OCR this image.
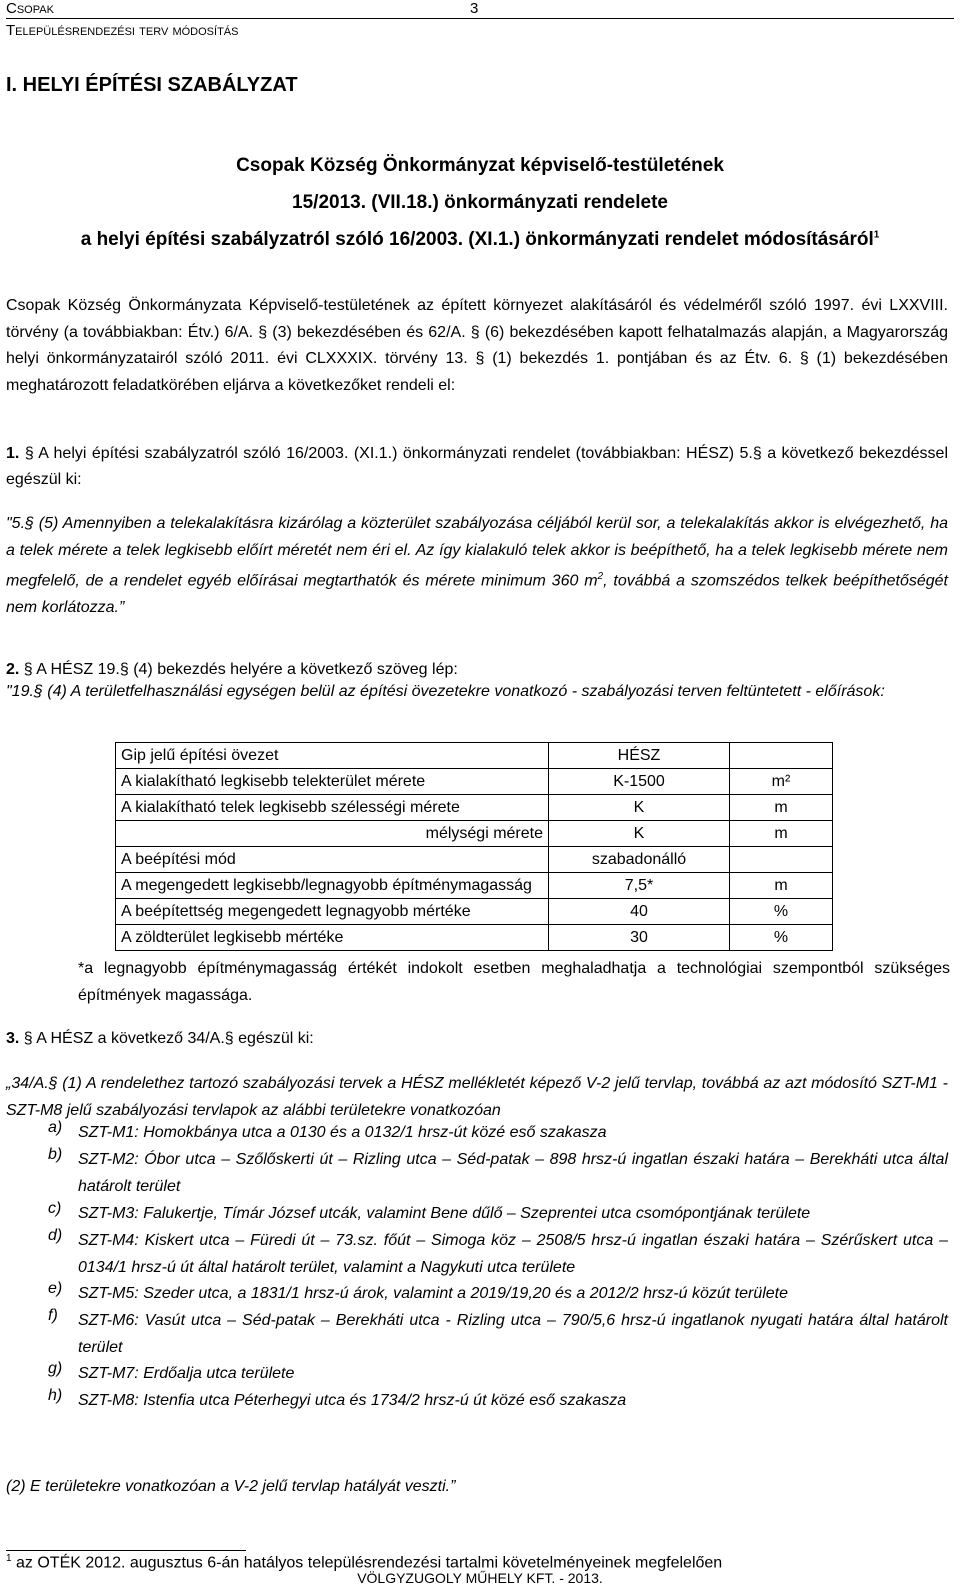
Csopak	3
Településrendezési terv módosítás
I. HELYI ÉPÍTÉSI SZABÁLYZAT
Csopak Község Önkormányzat képviselő-testületének
15/2013. (VII.18.) önkormányzati rendelete
a helyi építési szabályzatról szóló 16/2003. (XI.1.) önkormányzati rendelet módosításáról$^1$
Csopak Község Önkormányzata Képviselő-testületének az épített környezet alakításáról és védelméről szóló 1997. évi LXXVIII. törvény (a továbbiakban: Étv.) 6/A. § (3) bekezdésében és 62/A. § (6) bekezdésében kapott felhatalmazás alapján, a Magyarország helyi önkormányzatairól szóló 2011. évi CLXXXIX. törvény 13. § (1) bekezdés 1. pontjában és az Étv. 6. § (1) bekezdésében meghatározott feladatkörében eljárva a következőket rendeli el:
1. § A helyi építési szabályzatról szóló 16/2003. (XI.1.) önkormányzati rendelet (továbbiakban: HÉSZ) 5.§ a következő bekezdéssel egészül ki:
"5.§ (5) Amennyiben a telekalakításra kizárólag a közterület szabályozása céljából kerül sor, a telekalakítás akkor is elvégezhető, ha a telek mérete a telek legkisebb előírt méretét nem éri el. Az így kialakuló telek akkor is beépíthető, ha a telek legkisebb mérete nem megfelelő, de a rendelet egyéb előírásai megtarthatók és mérete minimum 360 $m^2$, továbbá a szomszédos telkek beépíthetőségét nem korlátozza.”
2. § A HÉSZ 19.§ (4) bekezdés helyére a következő szöveg lép:
"19.§ (4) A területfelhasználási egységen belül az építési övezetekre vonatkozó - szabályozási terven feltüntetett - előírások:
Gip jelű építési övezet	HÉSZ	
A kialakítható legkisebb telekterület mérete	K-1500	m²
A kialakítható telek legkisebb szélességi mérete	K	m
mélységi mérete	K	m
A beépítési mód	szabadonálló	
A megengedett legkisebb/legnagyobb építménymagasság	7,5*	m
A beépítettség megengedett legnagyobb mértéke	40	%
A zöldterület legkisebb mértéke	30	%
*a legnagyobb építménymagasság értékét indokolt esetben meghaladhatja a technológiai szempontból szükséges építmények magassága.
3. § A HÉSZ a következő 34/A.§ egészül ki:
„34/A.§ (1) A rendelethez tartozó szabályozási tervek a HÉSZ mellékletét képező V-2 jelű tervlap, továbbá az azt módosító SZT-M1 - SZT-M8 jelű szabályozási tervlapok az alábbi területekre vonatkozóan
a) SZT-M1: Homokbánya utca a 0130 és a 0132/1 hrsz-út közé eső szakasza
b) SZT-M2: Óbor utca – Szőlőskerti út – Rizling utca – Séd-patak – 898 hrsz-ú ingatlan északi határa – Berekháti utca által határolt terület
c) SZT-M3: Falukertje, Tímár József utcák, valamint Bene dűlő – Szeprentei utca csomópontjának területe
d) SZT-M4: Kiskert utca – Füredi út – 73.sz. főút – Simoga köz – 2508/5 hrsz-ú ingatlan északi határa – Szérűskert utca – 0134/1 hrsz-ú út által határolt terület, valamint a Nagykuti utca területe
e) SZT-M5: Szeder utca, a 1831/1 hrsz-ú árok, valamint a 2019/19,20 és a 2012/2 hrsz-ú közút területe
f) SZT-M6: Vasút utca – Séd-patak – Berekháti utca - Rizling utca – 790/5,6 hrsz-ú ingatlanok nyugati határa által határolt terület
g) SZT-M7: Erdőalja utca területe
h) SZT-M8: Istenfia utca Péterhegyi utca és 1734/2 hrsz-ú út közé eső szakasza
(2) E területekre vonatkozóan a V-2 jelű tervlap hatályát veszti.”
$^1$ az OTÉK 2012. augusztus 6-án hatályos településrendezési tartalmi követelményeinek megfelelően
VÖLGYZUGOLY MŰHELY KFT. - 2013.
